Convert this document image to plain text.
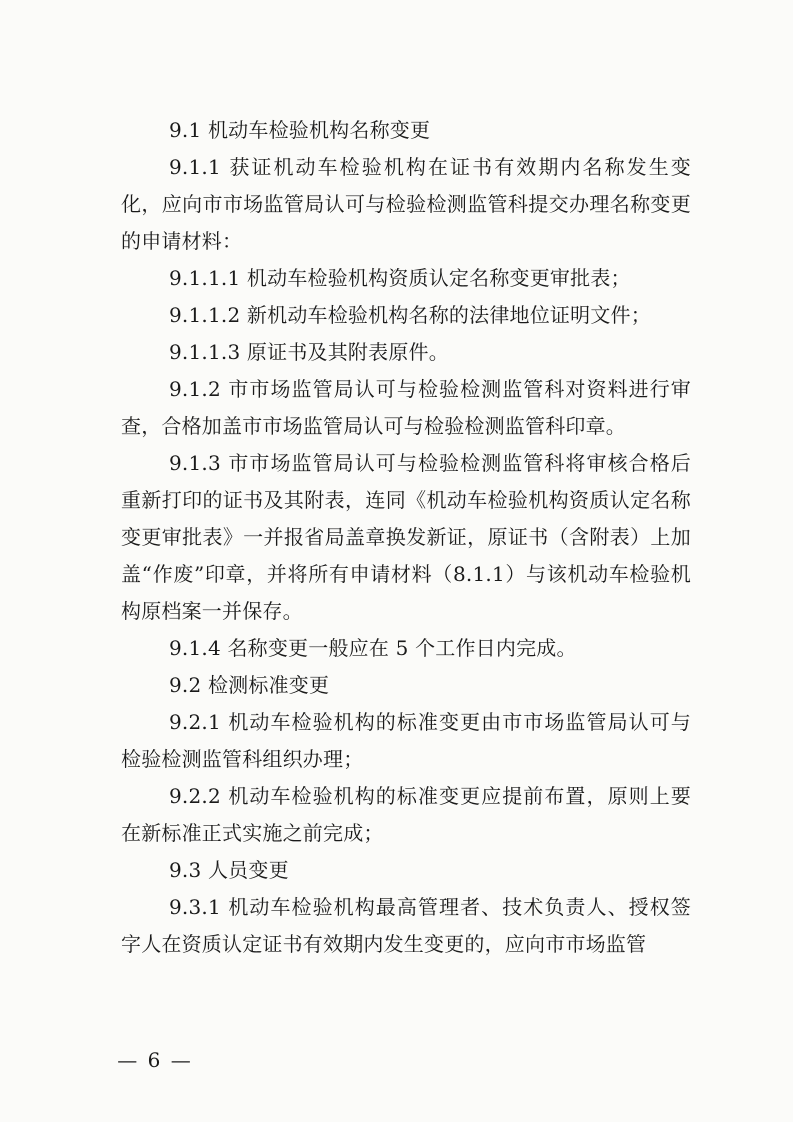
9.1 机动车检验机构名称变更

9.1.1 获证机动车检验机构在证书有效期内名称发生变化，应向市市场监管局认可与检验检测监管科提交办理名称变更的申请材料：

9.1.1.1 机动车检验机构资质认定名称变更审批表；

9.1.1.2 新机动车检验机构名称的法律地位证明文件；

9.1.1.3 原证书及其附表原件。

9.1.2 市市场监管局认可与检验检测监管科对资料进行审查，合格加盖市市场监管局认可与检验检测监管科印章。

9.1.3 市市场监管局认可与检验检测监管科将审核合格后重新打印的证书及其附表，连同《机动车检验机构资质认定名称变更审批表》一并报省局盖章换发新证，原证书（含附表）上加盖“作废”印章，并将所有申请材料（8.1.1）与该机动车检验机构原档案一并保存。

9.1.4 名称变更一般应在 5 个工作日内完成。

9.2 检测标准变更

9.2.1 机动车检验机构的标准变更由市市场监管局认可与检验检测监管科组织办理；

9.2.2 机动车检验机构的标准变更应提前布置，原则上要在新标准正式实施之前完成；

9.3 人员变更

9.3.1 机动车检验机构最高管理者、技术负责人、授权签字人在资质认定证书有效期内发生变更的，应向市市场监管

— 6 —
